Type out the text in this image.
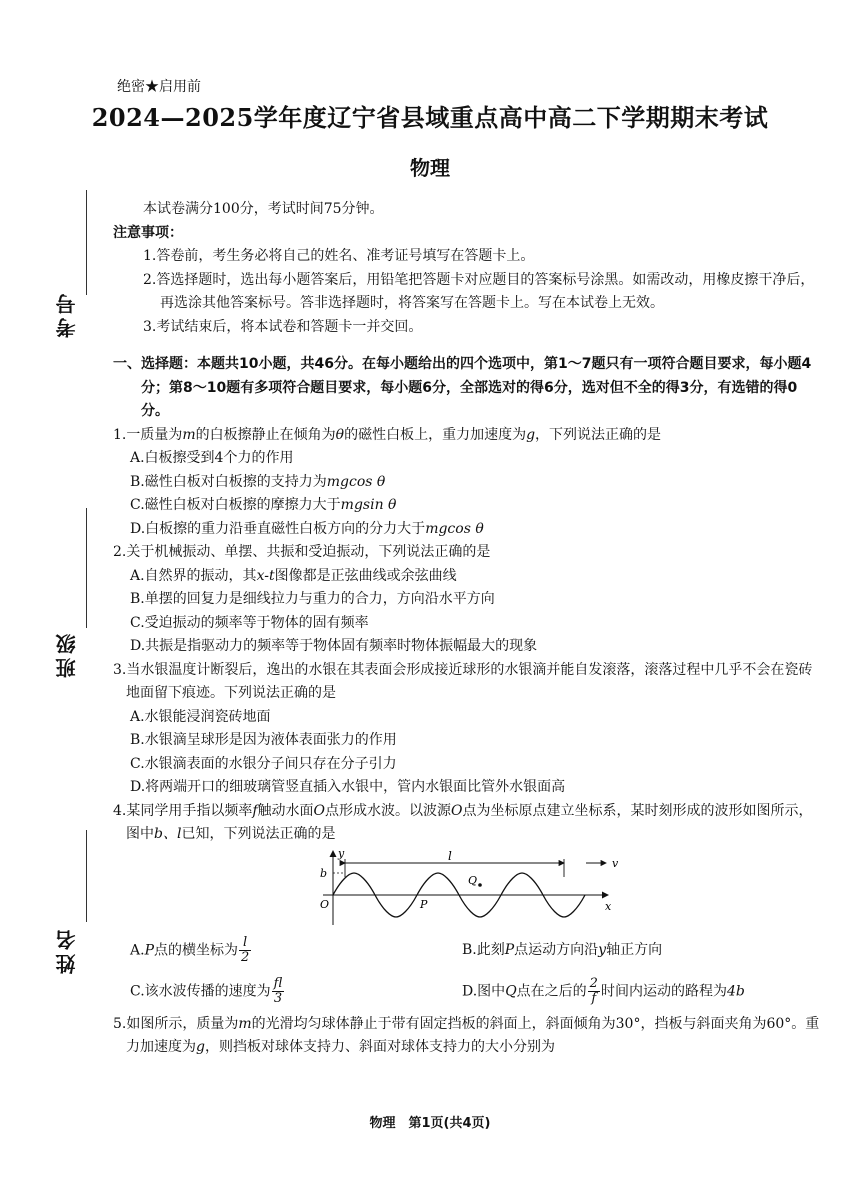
绝密★启用前
2024—2025学年度辽宁省县域重点高中高二下学期期末考试
物理
考号
班级
姓名

本试卷满分100分，考试时间75分钟。

注意事项：

1.答卷前，考生务必将自己的姓名、准考证号填写在答题卡上。

2.答选择题时，选出每小题答案后，用铅笔把答题卡对应题目的答案标号涂黑。如需改动，用橡皮擦干净后，再选涂其他答案标号。答非选择题时，将答案写在答题卡上。写在本试卷上无效。

3.考试结束后，将本试卷和答题卡一并交回。

一、选择题：本题共10小题，共46分。在每小题给出的四个选项中，第1～7题只有一项符合题目要求，每小题4分；第8～10题有多项符合题目要求，每小题6分，全部选对的得6分，选对但不全的得3分，有选错的得0分。

1.一质量为m的白板擦静止在倾角为θ的磁性白板上，重力加速度为g，下列说法正确的是

A.白板擦受到4个力的作用

B.磁性白板对白板擦的支持力为mgcos θ

C.磁性白板对白板擦的摩擦力大于mgsin θ

D.白板擦的重力沿垂直磁性白板方向的分力大于mgcos θ

2.关于机械振动、单摆、共振和受迫振动，下列说法正确的是

A.自然界的振动，其x-t图像都是正弦曲线或余弦曲线

B.单摆的回复力是细线拉力与重力的合力，方向沿水平方向

C.受迫振动的频率等于物体的固有频率

D.共振是指驱动力的频率等于物体固有频率时物体振幅最大的现象

3.当水银温度计断裂后，逸出的水银在其表面会形成接近球形的水银滴并能自发滚落，滚落过程中几乎不会在瓷砖地面留下痕迹。下列说法正确的是

A.水银能浸润瓷砖地面

B.水银滴呈球形是因为液体表面张力的作用

C.水银滴表面的水银分子间只存在分子引力

D.将两端开口的细玻璃管竖直插入水银中，管内水银面比管外水银面高

4.某同学用手指以频率f触动水面O点形成水波。以波源O点为坐标原点建立坐标系，某时刻形成的波形如图所示，图中b、l已知，下列说法正确的是

y
x
v
b
l
O	P
Q
A.P点的横坐标为 $\frac{l}{2}$	B.此刻P点运动方向沿y轴正方向
C.该水波传播的速度为 $\frac{fl}{3}$	D.图中Q点在之后的 $\frac{2}{f}$ 时间内运动的路程为4b

5.如图所示，质量为m的光滑均匀球体静止于带有固定挡板的斜面上，斜面倾角为30°，挡板与斜面夹角为60°。重力加速度为g，则挡板对球体支持力、斜面对球体支持力的大小分别为

物理　第1页(共4页)
